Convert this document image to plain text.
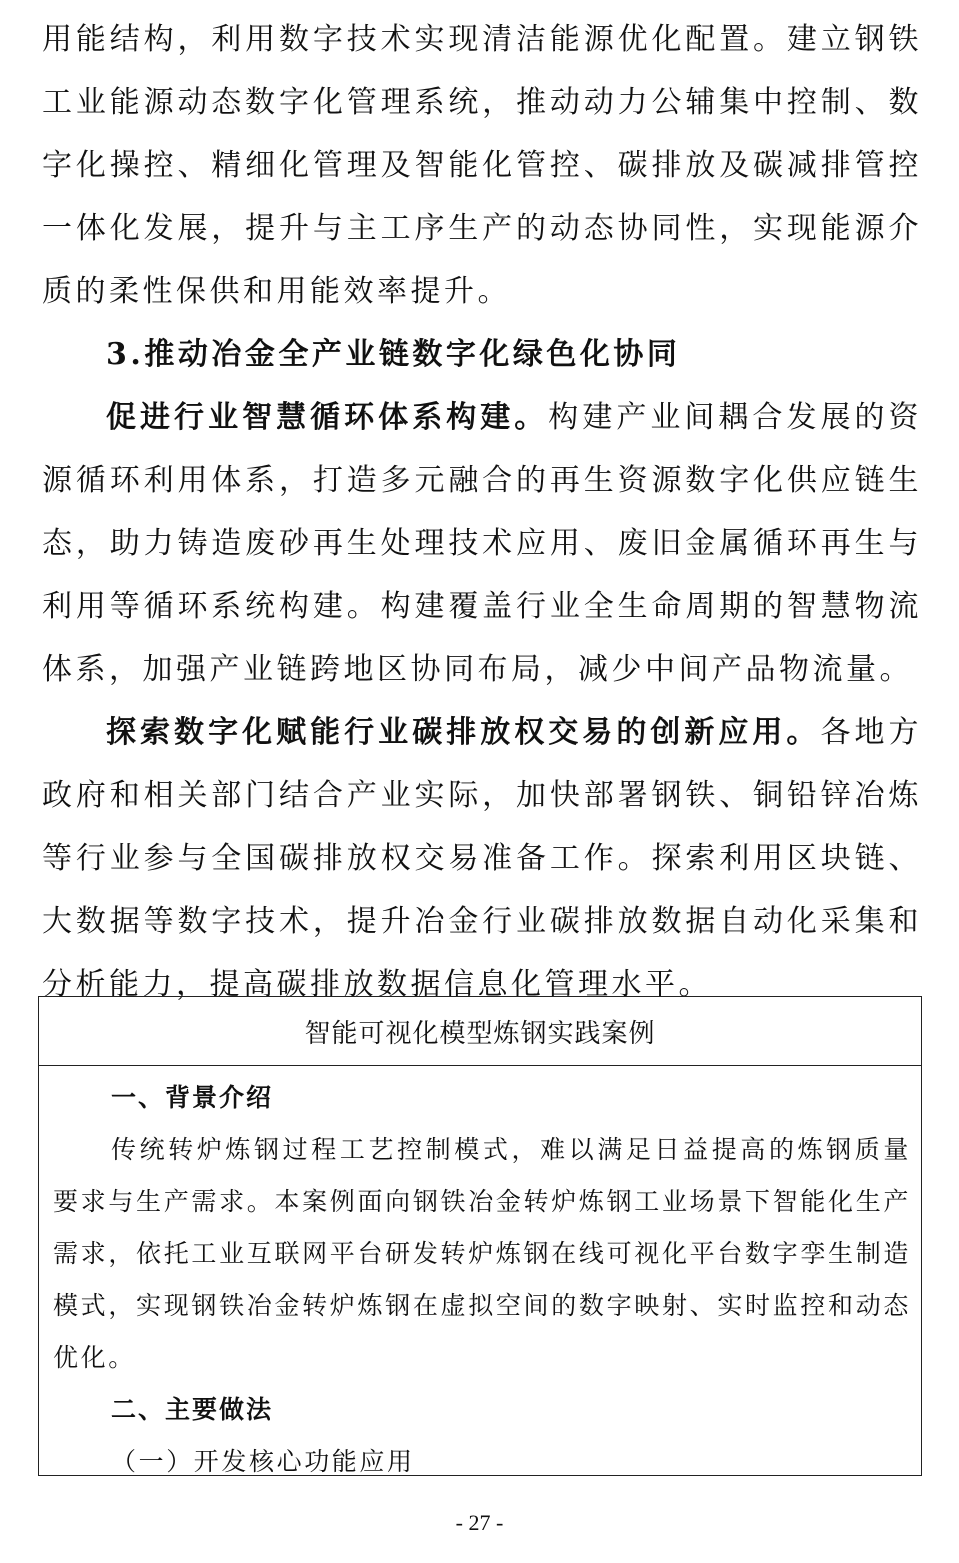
用能结构，利用数字技术实现清洁能源优化配置。建立钢铁工业能源动态数字化管理系统，推动动力公辅集中控制、数字化操控、精细化管理及智能化管控、碳排放及碳减排管控一体化发展，提升与主工序生产的动态协同性，实现能源介质的柔性保供和用能效率提升。

3.推动冶金全产业链数字化绿色化协同

促进行业智慧循环体系构建。构建产业间耦合发展的资源循环利用体系，打造多元融合的再生资源数字化供应链生态，助力铸造废砂再生处理技术应用、废旧金属循环再生与利用等循环系统构建。构建覆盖行业全生命周期的智慧物流体系，加强产业链跨地区协同布局，减少中间产品物流量。

探索数字化赋能行业碳排放权交易的创新应用。各地方政府和相关部门结合产业实际，加快部署钢铁、铜铅锌冶炼等行业参与全国碳排放权交易准备工作。探索利用区块链、大数据等数字技术，提升冶金行业碳排放数据自动化采集和分析能力，提高碳排放数据信息化管理水平。

智能可视化模型炼钢实践案例

一、背景介绍

传统转炉炼钢过程工艺控制模式，难以满足日益提高的炼钢质量要求与生产需求。本案例面向钢铁冶金转炉炼钢工业场景下智能化生产需求，依托工业互联网平台研发转炉炼钢在线可视化平台数字孪生制造模式，实现钢铁冶金转炉炼钢在虚拟空间的数字映射、实时监控和动态优化。

二、主要做法

（一）开发核心功能应用

- 27 -
